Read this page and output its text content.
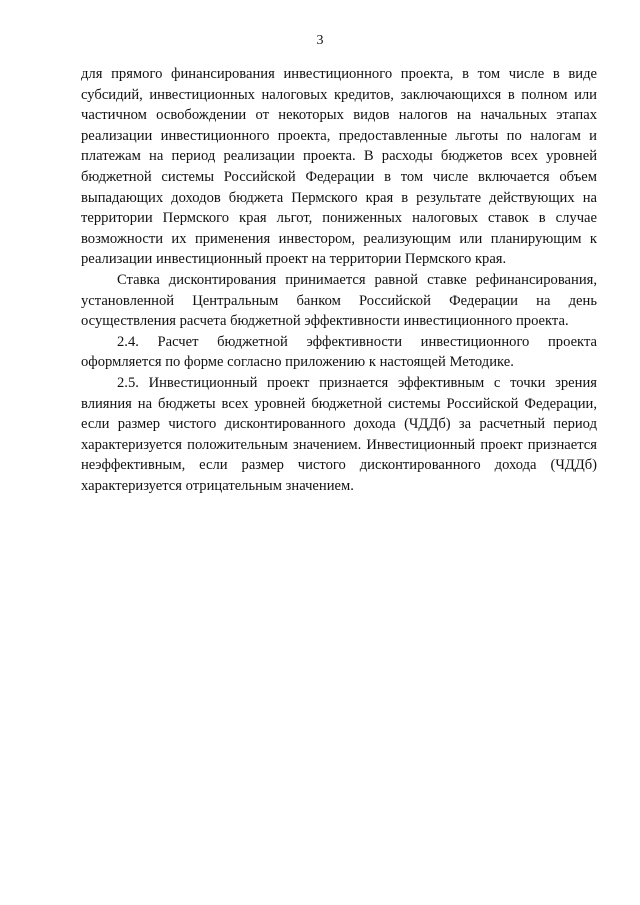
3

для прямого финансирования инвестиционного проекта, в том числе в виде субсидий, инвестиционных налоговых кредитов, заключающихся в полном или частичном освобождении от некоторых видов налогов на начальных этапах реализации инвестиционного проекта, предоставленные льготы по налогам и платежам на период реализации проекта. В расходы бюджетов всех уровней бюджетной системы Российской Федерации в том числе включается объем выпадающих доходов бюджета Пермского края в результате действующих на территории Пермского края льгот, пониженных налоговых ставок в случае возможности их применения инвестором, реализующим или планирующим к реализации инвестиционный проект на территории Пермского края.

Ставка дисконтирования принимается равной ставке рефинансирования, установленной Центральным банком Российской Федерации на день осуществления расчета бюджетной эффективности инвестиционного проекта.

2.4. Расчет бюджетной эффективности инвестиционного проекта оформляется по форме согласно приложению к настоящей Методике.

2.5. Инвестиционный проект признается эффективным с точки зрения влияния на бюджеты всех уровней бюджетной системы Российской Федерации, если размер чистого дисконтированного дохода (ЧДДб) за расчетный период характеризуется положительным значением. Инвестиционный проект признается неэффективным, если размер чистого дисконтированного дохода (ЧДДб) характеризуется отрицательным значением.
